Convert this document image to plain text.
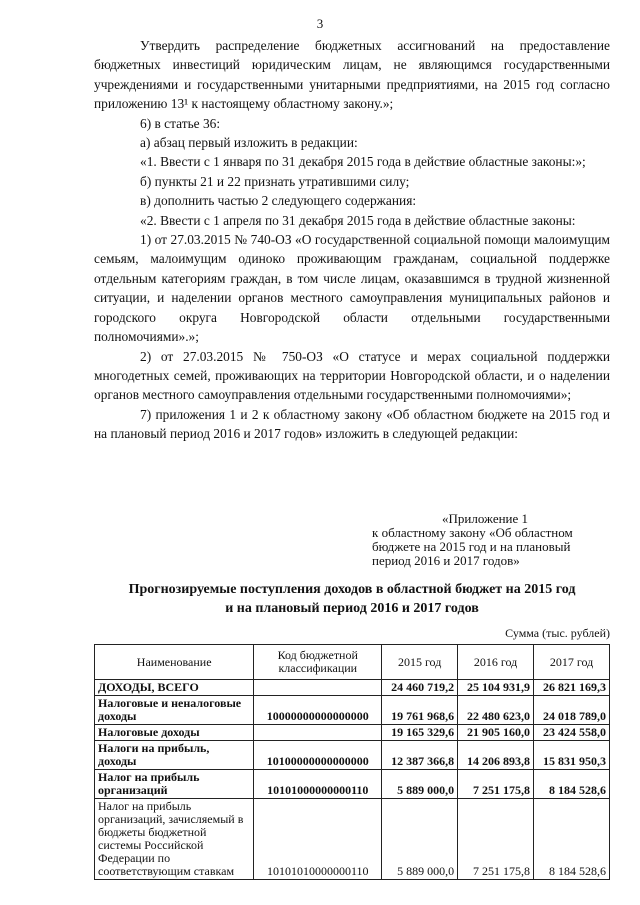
3

Утвердить распределение бюджетных ассигнований на предоставление бюджетных инвестиций юридическим лицам, не являющимся государственными учреждениями и государственными унитарными предприятиями, на 2015 год согласно приложению 13¹ к настоящему областному закону.»;

6) в статье 36:

а) абзац первый изложить в редакции:

«1. Ввести с 1 января по 31 декабря 2015 года в действие областные законы:»;

б) пункты 21 и 22 признать утратившими силу;

в) дополнить частью 2 следующего содержания:

«2. Ввести с 1 апреля по 31 декабря 2015 года в действие областные законы:

1) от 27.03.2015 № 740-ОЗ «О государственной социальной помощи малоимущим семьям, малоимущим одиноко проживающим гражданам, социальной поддержке отдельным категориям граждан, в том числе лицам, оказавшимся в трудной жизненной ситуации, и наделении органов местного самоуправления муниципальных районов и городского округа Новгородской области отдельными государственными полномочиями».»;

2) от 27.03.2015 № 750-ОЗ «О статусе и мерах социальной поддержки многодетных семей, проживающих на территории Новгородской области, и о наделении органов местного самоуправления отдельными государственными полномочиями»;

7) приложения 1 и 2 к областному закону «Об областном бюджете на 2015 год и на плановый период 2016 и 2017 годов» изложить в следующей редакции:

«Приложение 1
к областному закону «Об областном
бюджете на 2015 год и на плановый
период 2016 и 2017 годов»
Прогнозируемые поступления доходов в областной бюджет на 2015 год
и на плановый период 2016 и 2017 годов
Сумма (тыс. рублей)
Наименование	Код бюджетной классификации	2015 год	2016 год	2017 год
ДОХОДЫ, ВСЕГО		24 460 719,2	25 104 931,9	26 821 169,3
Налоговые и неналоговые доходы	10000000000000000	19 761 968,6	22 480 623,0	24 018 789,0
Налоговые доходы		19 165 329,6	21 905 160,0	23 424 558,0
Налоги на прибыль, доходы	10100000000000000	12 387 366,8	14 206 893,8	15 831 950,3
Налог на прибыль организаций	10101000000000110	5 889 000,0	7 251 175,8	8 184 528,6
Налог на прибыль организаций, зачисляемый в бюджеты бюджетной системы Российской Федерации по соответствующим ставкам	10101010000000110	5 889 000,0	7 251 175,8	8 184 528,6
